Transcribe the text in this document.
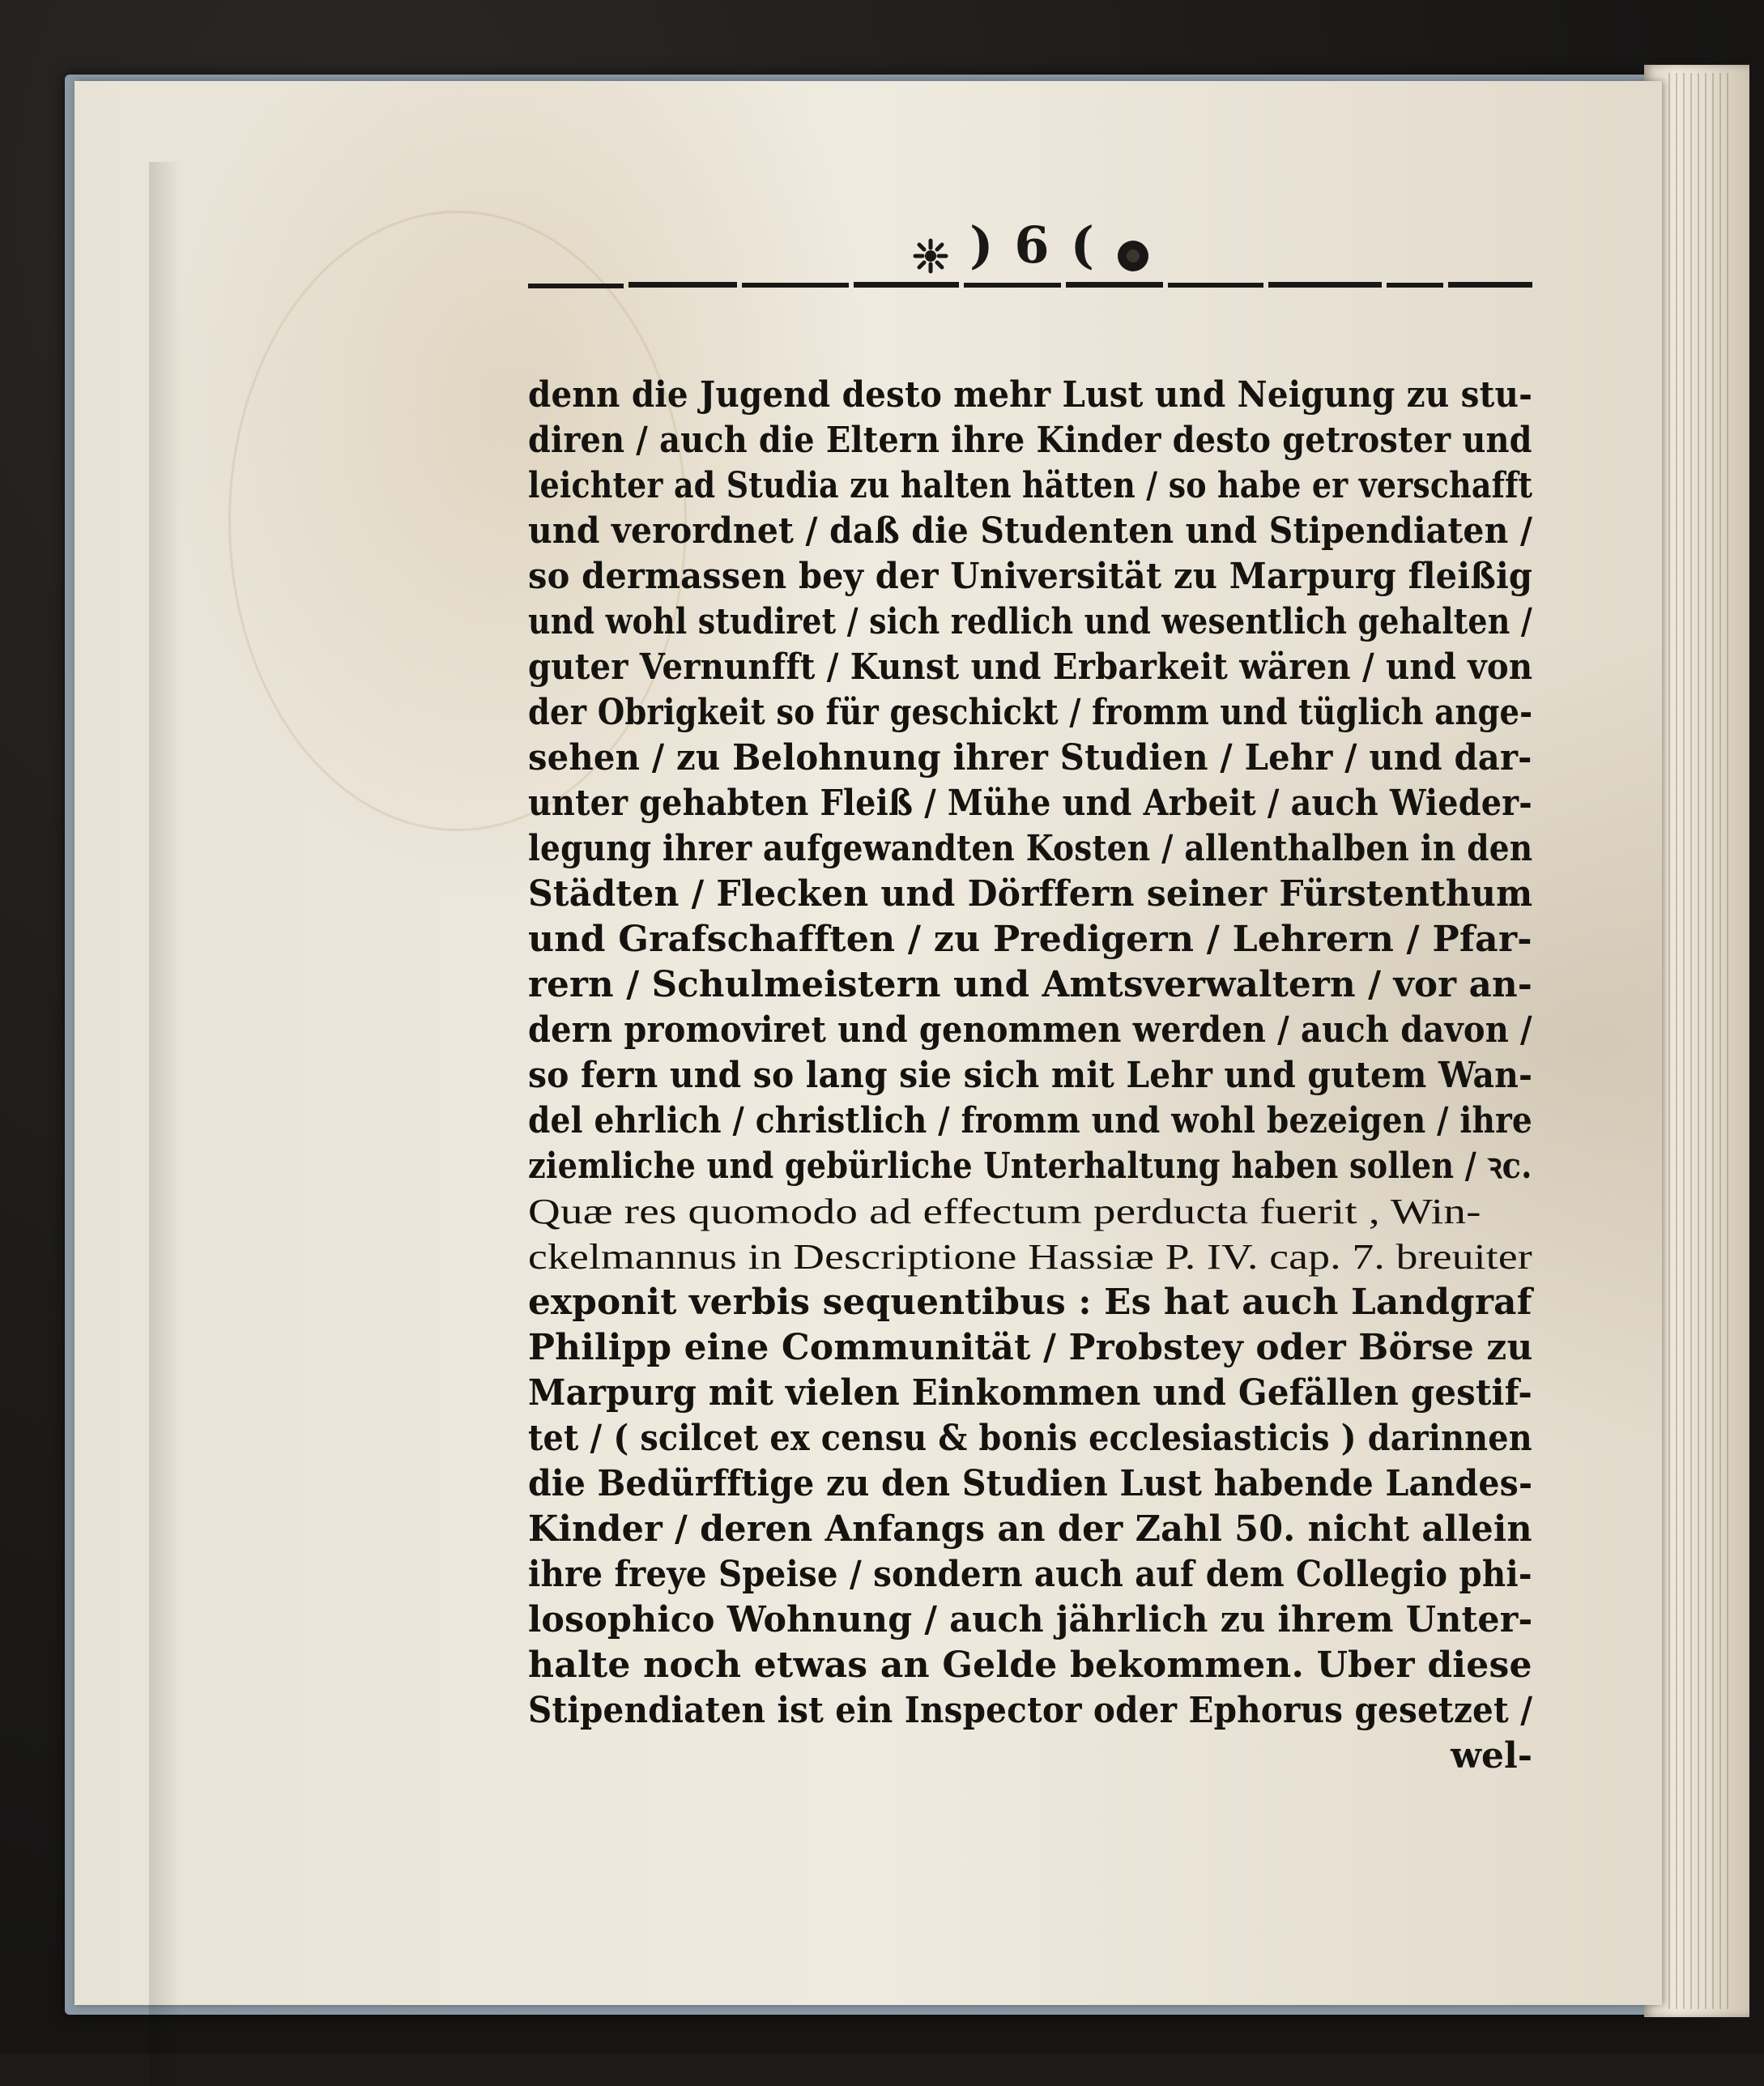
) 6 (
denn die Jugend desto mehr Lust und Neigung zu stu-
diren / auch die Eltern ihre Kinder desto getroster und
leichter ad Studia zu halten hätten / so habe er verschafft
und verordnet / daß die Studenten und Stipendiaten /
so dermassen bey der Universität zu Marpurg fleißig
und wohl studiret / sich redlich und wesentlich gehalten /
guter Vernunfft / Kunst und Erbarkeit wären / und von
der Obrigkeit so für geschickt / fromm und tüglich ange-
sehen / zu Belohnung ihrer Studien / Lehr / und dar-
unter gehabten Fleiß / Mühe und Arbeit / auch Wieder-
legung ihrer aufgewandten Kosten / allenthalben in den
Städten / Flecken und Dörffern seiner Fürstenthum
und Grafschafften / zu Predigern / Lehrern / Pfar-
rern / Schulmeistern und Amtsverwaltern / vor an-
dern promoviret und genommen werden / auch davon /
so fern und so lang sie sich mit Lehr und gutem Wan-
del ehrlich / christlich / fromm und wohl bezeigen / ihre
ziemliche und gebürliche Unterhaltung haben sollen / ꝛc.
Quæ res quomodo ad effectum perducta fuerit , Win-
ckelmannus in Descriptione Hassiæ P. IV. cap. 7. breuiter
exponit verbis sequentibus : Es hat auch Landgraf
Philipp eine Communität / Probstey oder Börse zu
Marpurg mit vielen Einkommen und Gefällen gestif-
tet / ( scilcet ex censu & bonis ecclesiasticis ) darinnen
die Bedürfftige zu den Studien Lust habende Landes-
Kinder / deren Anfangs an der Zahl 50. nicht allein
ihre freye Speise / sondern auch auf dem Collegio phi-
losophico Wohnung / auch jährlich zu ihrem Unter-
halte noch etwas an Gelde bekommen. Uber diese
Stipendiaten ist ein Inspector oder Ephorus gesetzet /
wel-
